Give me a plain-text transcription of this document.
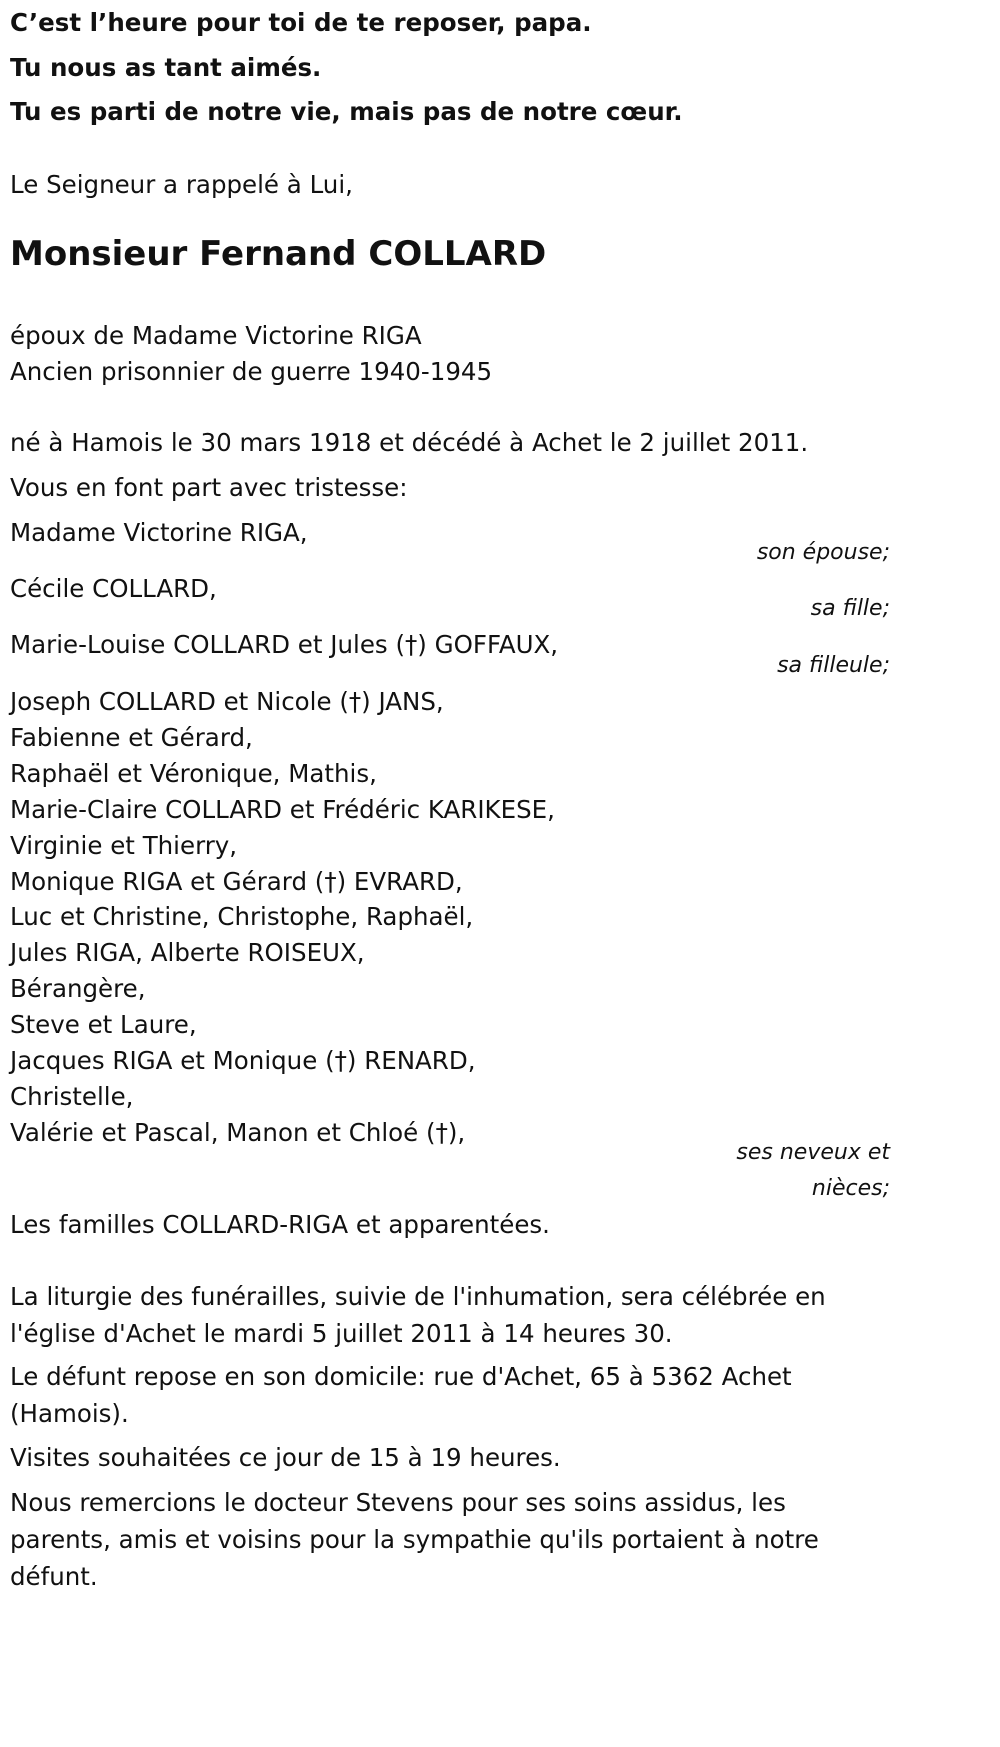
C’est l’heure pour toi de te reposer, papa.

Tu nous as tant aimés.

Tu es parti de notre vie, mais pas de notre cœur.

Le Seigneur a rappelé à Lui,

Monsieur Fernand COLLARD

époux de Madame Victorine RIGA

Ancien prisonnier de guerre 1940-1945

né à Hamois le 30 mars 1918 et décédé à Achet le 2 juillet 2011.

Vous en font part avec tristesse:

Madame Victorine RIGA,

son épouse;

Cécile COLLARD,

sa fille;

Marie-Louise COLLARD et Jules (†) GOFFAUX,

sa filleule;

Joseph COLLARD et Nicole (†) JANS,

Fabienne et Gérard,

Raphaël et Véronique, Mathis,

Marie-Claire COLLARD et Frédéric KARIKESE,

Virginie et Thierry,

Monique RIGA et Gérard (†) EVRARD,

Luc et Christine, Christophe, Raphaël,

Jules RIGA, Alberte ROISEUX,

Bérangère,

Steve et Laure,

Jacques RIGA et Monique (†) RENARD,

Christelle,

Valérie et Pascal, Manon et Chloé (†),

ses neveux et
nièces;

Les familles COLLARD-RIGA et apparentées.

La liturgie des funérailles, suivie de l'inhumation, sera célébrée en l'église d'Achet le mardi 5 juillet 2011 à 14 heures 30.

Le défunt repose en son domicile: rue d'Achet, 65 à 5362 Achet (Hamois).

Visites souhaitées ce jour de 15 à 19 heures.

Nous remercions le docteur Stevens pour ses soins assidus, les parents, amis et voisins pour la sympathie qu'ils portaient à notre défunt.
